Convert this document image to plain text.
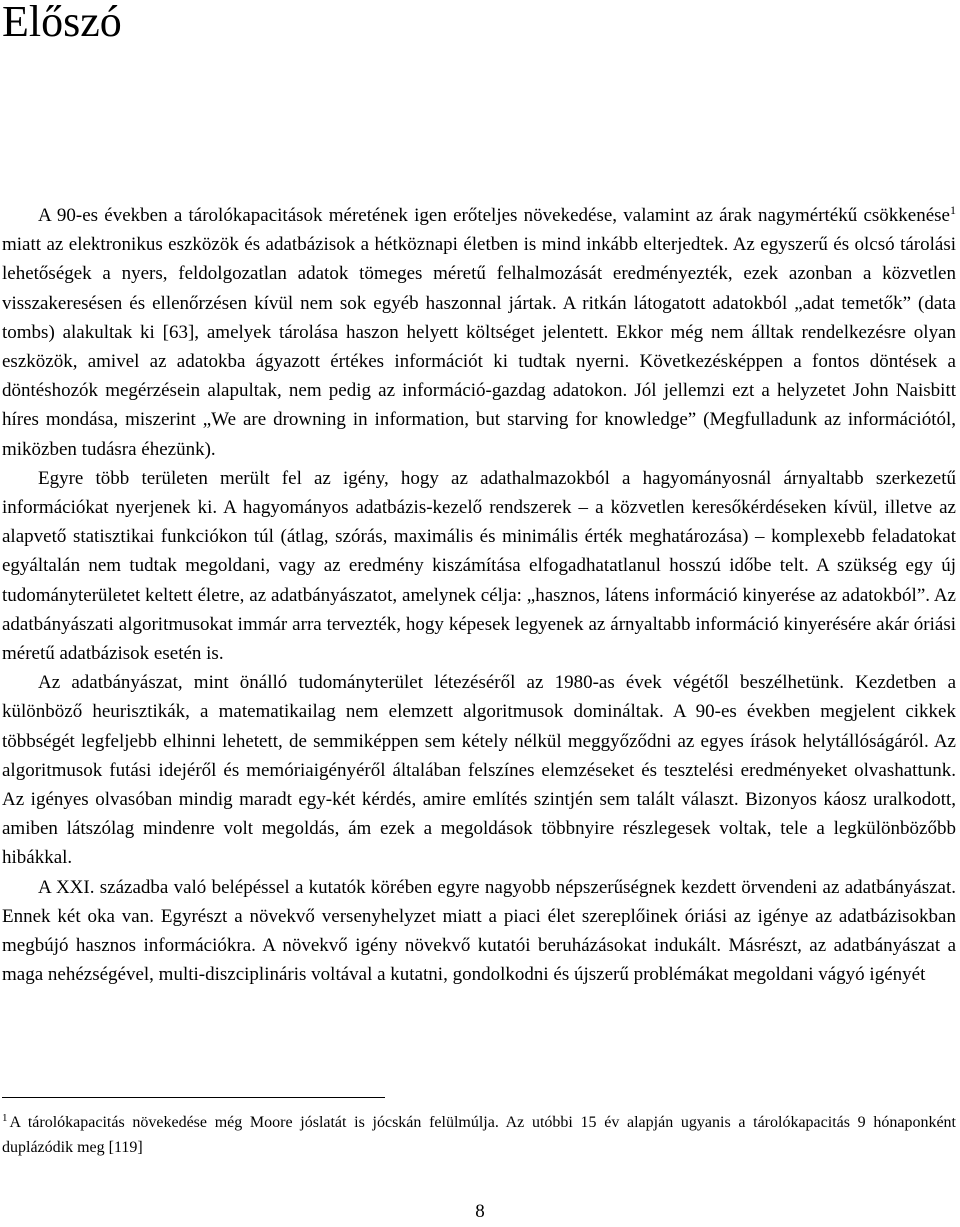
Előszó

A 90-es években a tárolókapacitások méretének igen erőteljes növekedése, valamint az árak nagymértékű csökkenése$^1$ miatt az elektronikus eszközök és adatbázisok a hétköznapi életben is mind inkább elterjedtek. Az egyszerű és olcsó tárolási lehetőségek a nyers, feldolgozatlan adatok tömeges méretű felhalmozását eredményezték, ezek azonban a közvetlen visszakeresésen és ellenőrzésen kívül nem sok egyéb haszonnal jártak. A ritkán látogatott adatokból „adat temetők” (data tombs) alakultak ki [63], amelyek tárolása haszon helyett költséget jelentett. Ekkor még nem álltak rendelkezésre olyan eszközök, amivel az adatokba ágyazott értékes információt ki tudtak nyerni. Következésképpen a fontos döntések a döntéshozók megérzésein alapultak, nem pedig az információ-gazdag adatokon. Jól jellemzi ezt a helyzetet John Naisbitt híres mondása, miszerint „We are drowning in information, but starving for knowledge” (Megfulladunk az információtól, miközben tudásra éhezünk).

Egyre több területen merült fel az igény, hogy az adathalmazokból a hagyományosnál árnyaltabb szerkezetű információkat nyerjenek ki. A hagyományos adatbázis-kezelő rendszerek – a közvetlen keresőkérdéseken kívül, illetve az alapvető statisztikai funkciókon túl (átlag, szórás, maximális és minimális érték meghatározása) – komplexebb feladatokat egyáltalán nem tudtak megoldani, vagy az eredmény kiszámítása elfogadhatatlanul hosszú időbe telt. A szükség egy új tudományterületet keltett életre, az adatbányászatot, amelynek célja: „hasznos, látens információ kinyerése az adatokból”. Az adatbányászati algoritmusokat immár arra tervezték, hogy képesek legyenek az árnyaltabb információ kinyerésére akár óriási méretű adatbázisok esetén is.

Az adatbányászat, mint önálló tudományterület létezéséről az 1980-as évek végétől beszélhetünk. Kezdetben a különböző heurisztikák, a matematikailag nem elemzett algoritmusok domináltak. A 90-es években megjelent cikkek többségét legfeljebb elhinni lehetett, de semmiképpen sem kétely nélkül meggyőződni az egyes írások helytállóságáról. Az algoritmusok futási idejéről és memóriaigényéről általában felszínes elemzéseket és tesztelési eredményeket olvashattunk. Az igényes olvasóban mindig maradt egy-két kérdés, amire említés szintjén sem talált választ. Bizonyos káosz uralkodott, amiben látszólag mindenre volt megoldás, ám ezek a megoldások többnyire részlegesek voltak, tele a legkülönbözőbb hibákkal.

A XXI. századba való belépéssel a kutatók körében egyre nagyobb népszerűségnek kezdett örvendeni az adatbányászat. Ennek két oka van. Egyrészt a növekvő versenyhelyzet miatt a piaci élet szereplőinek óriási az igénye az adatbázisokban megbújó hasznos információkra. A növekvő igény növekvő kutatói beruházásokat indukált. Másrészt, az adatbányászat a maga nehézségével, multi-diszciplináris voltával a kutatni, gondolkodni és újszerű problémákat megoldani vágyó igényét

$^1$ A tárolókapacitás növekedése még Moore jóslatát is jócskán felülmúlja. Az utóbbi 15 év alapján ugyanis a tárolókapacitás 9 hónaponként duplázódik meg [119]
8
